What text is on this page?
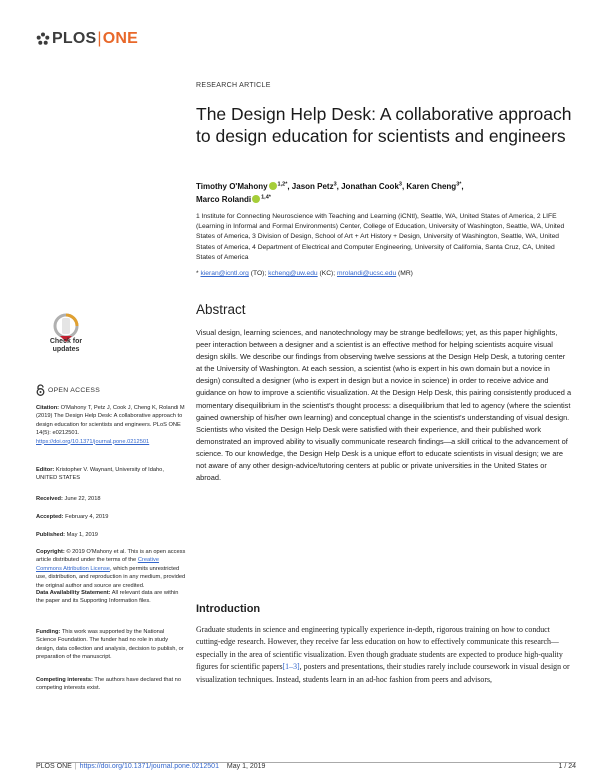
PLOS | ONE
RESEARCH ARTICLE
The Design Help Desk: A collaborative approach to design education for scientists and engineers
Timothy O'Mahony $^{1,2*}$, Jason Petz$^3$, Jonathan Cook$^3$, Karen Cheng$^{3*}$,
Marco Rolandi $^{1,4*}$
1 Institute for Connecting Neuroscience with Teaching and Learning (iCNtl), Seattle, WA, United States of America, 2 LIFE (Learning in Informal and Formal Environments) Center, College of Education, University of Washington, Seattle, WA, United States of America, 3 Division of Design, School of Art + Art History + Design, University of Washington, Seattle, WA, United States of America, 4 Department of Electrical and Computer Engineering, University of California, Santa Cruz, CA, United States of America
* kieran@icntl.org (TO); kcheng@uw.edu (KC); mrolandi@ucsc.edu (MR)
Abstract
Visual design, learning sciences, and nanotechnology may be strange bedfellows; yet, as this paper highlights, peer interaction between a designer and a scientist is an effective method for helping scientists acquire visual design skills. We describe our findings from observing twelve sessions at the Design Help Desk, a tutoring center at the University of Washington. At each session, a scientist (who is expert in his own domain but a novice in design) consulted a designer (who is expert in design but a novice in science) in order to receive advice and guidance on how to improve a scientific visualization. At the Design Help Desk, this pairing consistently produced a momentary disequilibrium in the scientist's thought process: a disequilibrium that led to agency (where the scientist gained ownership of his/her own learning) and conceptual change in the scientist's understanding of visual design. Scientists who visited the Design Help Desk were satisfied with their experience, and their published work demonstrated an improved ability to visually communicate research findings—a skill critical to the advancement of science. To our knowledge, the Design Help Desk is a unique effort to educate scientists in visual design; we are not aware of any other design-advice/tutoring centers at public or private universities in the United States or abroad.
Introduction
Graduate students in science and engineering typically experience in-depth, rigorous training on how to conduct cutting-edge research. However, they receive far less education on how to effectively communicate this research—especially in the area of scientific visualization. Even though graduate students are expected to produce high-quality figures for scientific papers[1–3], posters and presentations, their studies rarely include coursework in visual design or visualization techniques. Instead, students learn in an ad-hoc fashion from peers and advisors,
Check for updates
OPEN ACCESS
Citation: O'Mahony T, Petz J, Cook J, Cheng K, Rolandi M (2019) The Design Help Desk: A collaborative approach to design education for scientists and engineers. PLoS ONE 14(5): e0212501. https://doi.org/10.1371/journal.pone.0212501
Editor: Kristopher V. Waynant, University of Idaho, UNITED STATES
Received: June 22, 2018
Accepted: February 4, 2019
Published: May 1, 2019
Copyright: © 2019 O'Mahony et al. This is an open access article distributed under the terms of the Creative Commons Attribution License, which permits unrestricted use, distribution, and reproduction in any medium, provided the original author and source are credited.
Data Availability Statement: All relevant data are within the paper and its Supporting Information files.
Funding: This work was supported by the National Science Foundation. The funder had no role in study design, data collection and analysis, decision to publish, or preparation of the manuscript.
Competing interests: The authors have declared that no competing interests exist.
PLOS ONE | https://doi.org/10.1371/journal.pone.0212501 May 1, 2019	1 / 24
